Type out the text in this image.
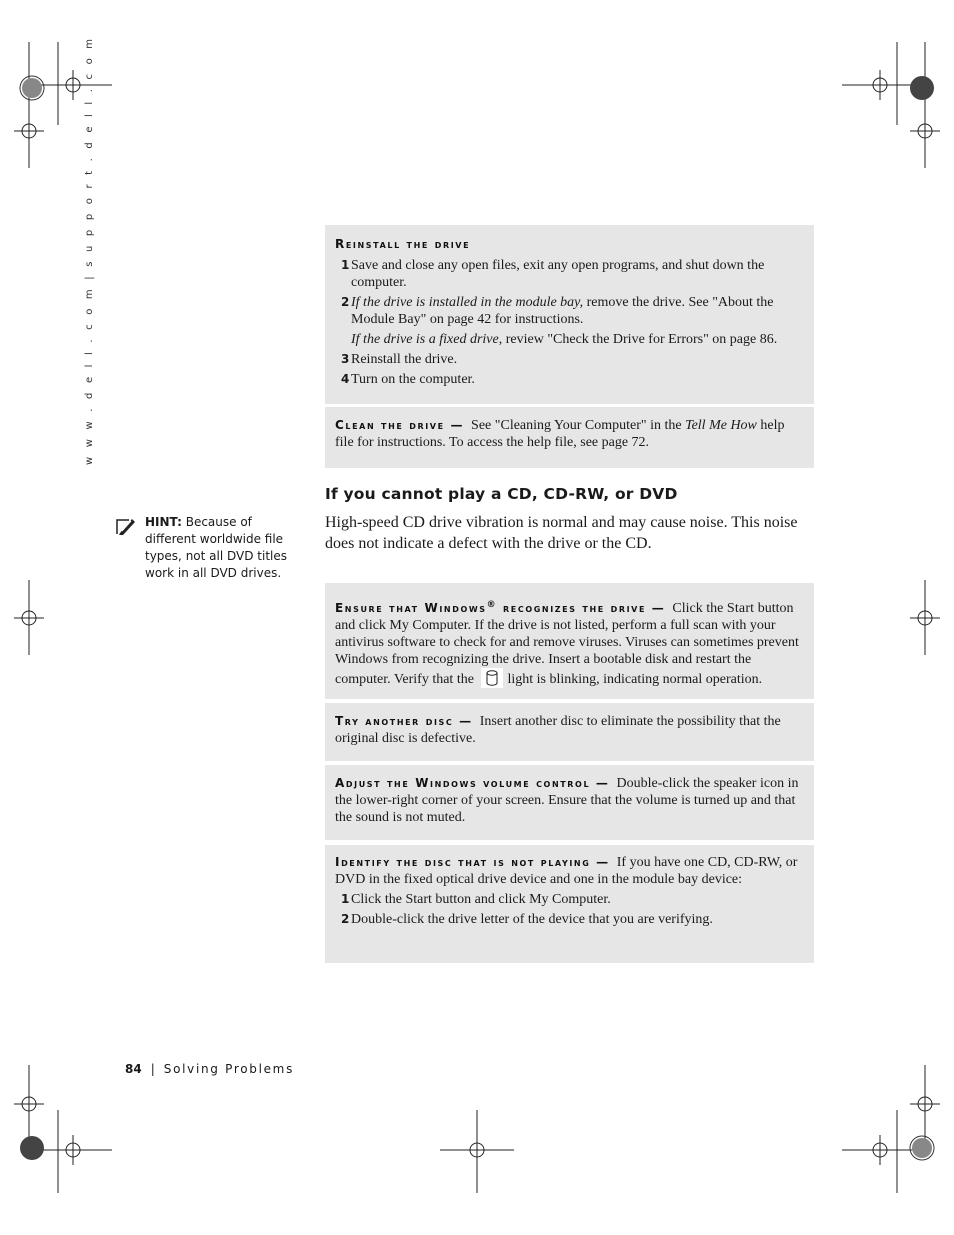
w w w . d e l l . c o m | s u p p o r t . d e l l . c o m	Reinstall the drive
1 Save and close any open files, exit any open programs, and shut down the computer.
2 If the drive is installed in the module bay, remove the drive. See "About the Module Bay" on page 42 for instructions.
If the drive is a fixed drive, review "Check the Drive for Errors" on page 86.
3 Reinstall the drive.
4 Turn on the computer.
Clean the drive — See "Cleaning Your Computer" in the Tell Me How help file for instructions. To access the help file, see page 72.
If you cannot play a CD, CD-RW, or DVD
High-speed CD drive vibration is normal and may cause noise. This noise does not indicate a defect with the drive or the CD.
HINT: Because of different worldwide file types, not all DVD titles work in all DVD drives.
Ensure that Windows® recognizes the drive — Click the Start button and click My Computer. If the drive is not listed, perform a full scan with your antivirus software to check for and remove viruses. Viruses can sometimes prevent Windows from recognizing the drive. Insert a bootable disk and restart the computer. Verify that the light is blinking, indicating normal operation.
Try another disc — Insert another disc to eliminate the possibility that the original disc is defective.
Adjust the Windows volume control — Double-click the speaker icon in the lower-right corner of your screen. Ensure that the volume is turned up and that the sound is not muted.
Identify the disc that is not playing — If you have one CD, CD-RW, or DVD in the fixed optical drive device and one in the module bay device:
1 Click the Start button and click My Computer.
2 Double-click the drive letter of the device that you are verifying.
84 | Solving Problems
